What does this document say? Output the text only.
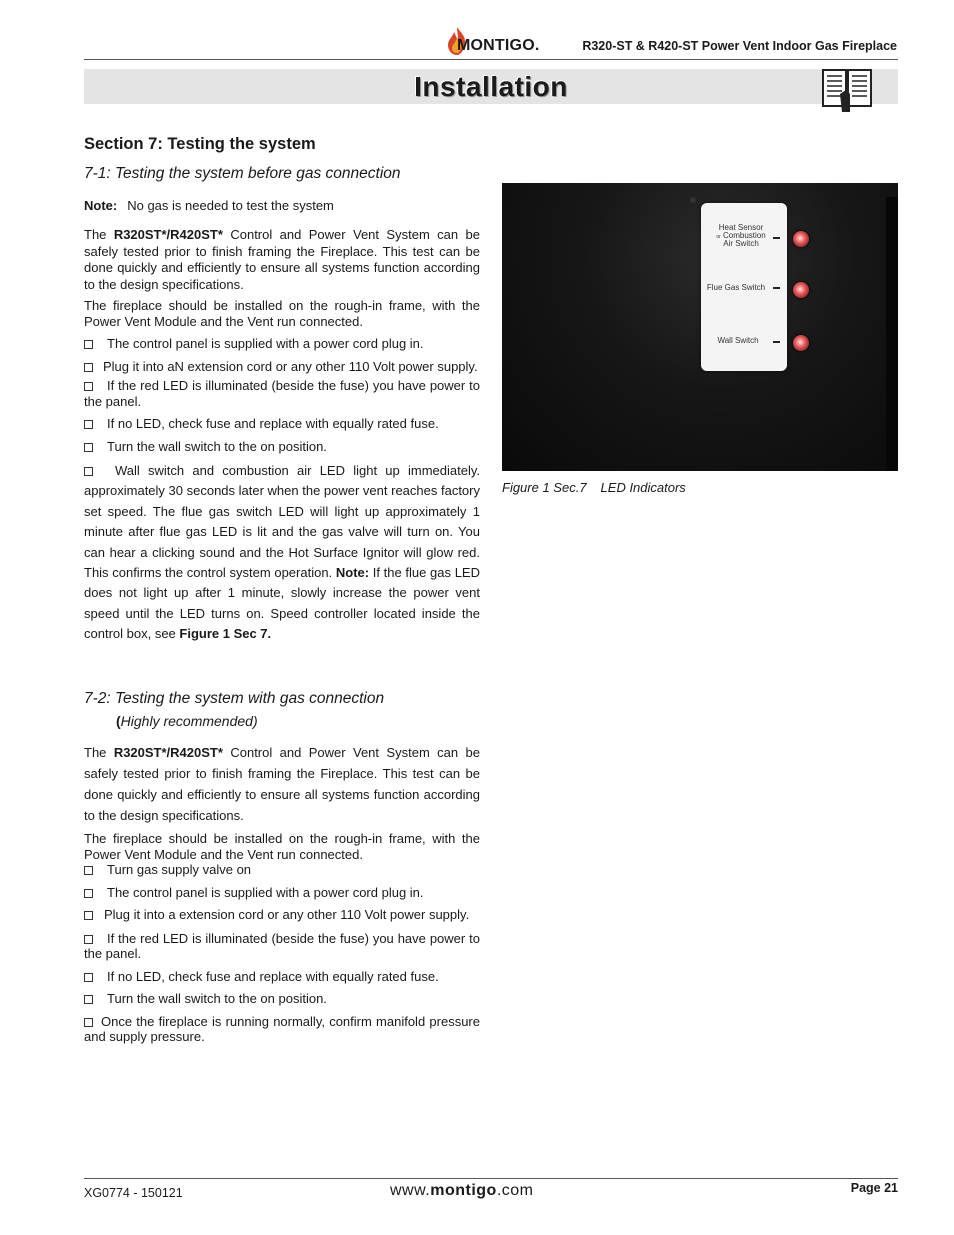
MONTIGO.	R320-ST & R420-ST Power Vent Indoor Gas Fireplace
Installation
Section 7: Testing the system
7-1: Testing the system before gas connection
Note: No gas is needed to test the system

The R320ST*/R420ST* Control and Power Vent System can be safely tested prior to finish framing the Fireplace. This test can be done quickly and efficiently to ensure all systems function according to the design specifications.

The fireplace should be installed on the rough-in frame, with the Power Vent Module and the Vent run connected.

The control panel is supplied with a power cord plug in.

Plug it into aN extension cord or any other 110 Volt power supply.

If the red LED is illuminated (beside the fuse) you have power to the panel.

If no LED, check fuse and replace with equally rated fuse.

Turn the wall switch to the on position.

Wall switch and combustion air LED light up immediately. approximately 30 seconds later when the power vent reaches factory set speed. The flue gas switch LED will light up approximately 1 minute after flue gas LED is lit and the gas valve will turn on. You can hear a clicking sound and the Hot Surface Ignitor will glow red. This confirms the control system operation. Note: If the flue gas LED does not light up after 1 minute, slowly increase the power vent speed until the LED turns on. Speed controller located inside the control box, see Figure 1 Sec 7.

Heat Sensor
or Combustion
Air Switch
Flue Gas Switch
Wall Switch
Figure 1 Sec.7 LED Indicators
7-2: Testing the system with gas connection
(Highly recommended)

The R320ST*/R420ST* Control and Power Vent System can be safely tested prior to finish framing the Fireplace. This test can be done quickly and efficiently to ensure all systems function according to the design specifications.

The fireplace should be installed on the rough-in frame, with the Power Vent Module and the Vent run connected.

Turn gas supply valve on

The control panel is supplied with a power cord plug in.

Plug it into a extension cord or any other 110 Volt power supply.

If the red LED is illuminated (beside the fuse) you have power to the panel.

If no LED, check fuse and replace with equally rated fuse.

Turn the wall switch to the on position.

Once the fireplace is running normally, confirm manifold pressure and supply pressure.

XG0774 - 150121	www.montigo.com	Page 21
